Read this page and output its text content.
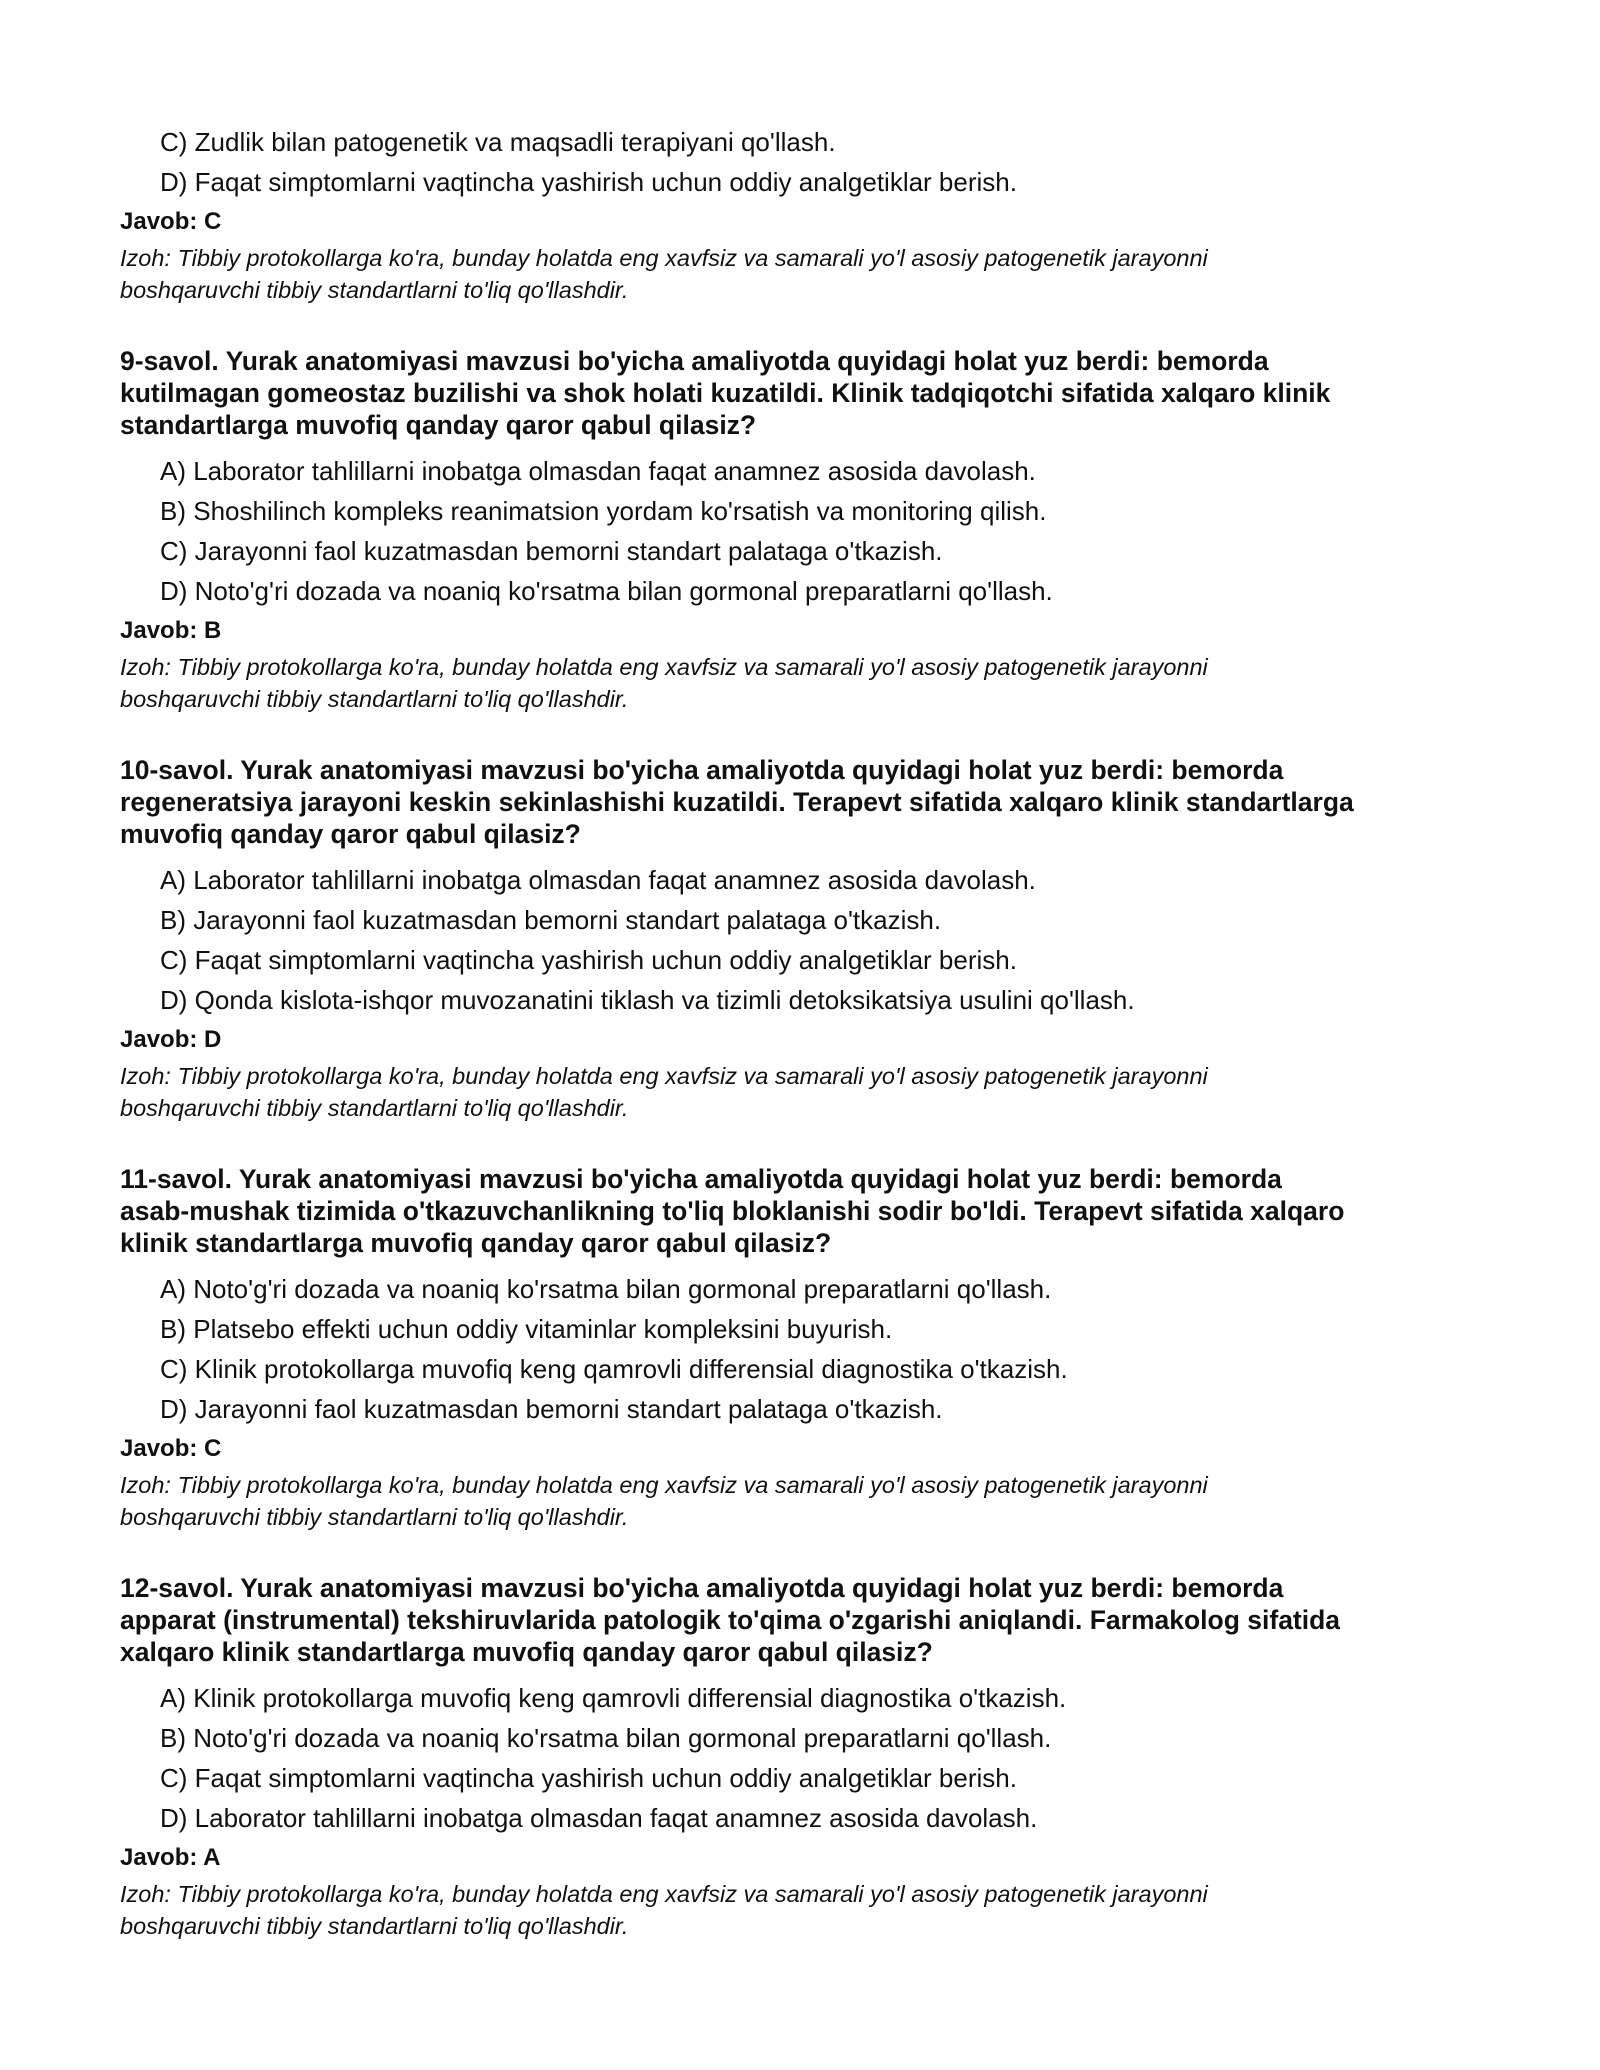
C) Zudlik bilan patogenetik va maqsadli terapiyani qo'llash.
D) Faqat simptomlarni vaqtincha yashirish uchun oddiy analgetiklar berish.
Javob: C
Izoh: Tibbiy protokollarga ko'ra, bunday holatda eng xavfsiz va samarali yo'l asosiy patogenetik jarayonni
boshqaruvchi tibbiy standartlarni to'liq qo'llashdir.
9-savol. Yurak anatomiyasi mavzusi bo'yicha amaliyotda quyidagi holat yuz berdi: bemorda
kutilmagan gomeostaz buzilishi va shok holati kuzatildi. Klinik tadqiqotchi sifatida xalqaro klinik
standartlarga muvofiq qanday qaror qabul qilasiz?
A) Laborator tahlillarni inobatga olmasdan faqat anamnez asosida davolash.
B) Shoshilinch kompleks reanimatsion yordam ko'rsatish va monitoring qilish.
C) Jarayonni faol kuzatmasdan bemorni standart palataga o'tkazish.
D) Noto'g'ri dozada va noaniq ko'rsatma bilan gormonal preparatlarni qo'llash.
Javob: B
Izoh: Tibbiy protokollarga ko'ra, bunday holatda eng xavfsiz va samarali yo'l asosiy patogenetik jarayonni
boshqaruvchi tibbiy standartlarni to'liq qo'llashdir.
10-savol. Yurak anatomiyasi mavzusi bo'yicha amaliyotda quyidagi holat yuz berdi: bemorda
regeneratsiya jarayoni keskin sekinlashishi kuzatildi. Terapevt sifatida xalqaro klinik standartlarga
muvofiq qanday qaror qabul qilasiz?
A) Laborator tahlillarni inobatga olmasdan faqat anamnez asosida davolash.
B) Jarayonni faol kuzatmasdan bemorni standart palataga o'tkazish.
C) Faqat simptomlarni vaqtincha yashirish uchun oddiy analgetiklar berish.
D) Qonda kislota-ishqor muvozanatini tiklash va tizimli detoksikatsiya usulini qo'llash.
Javob: D
Izoh: Tibbiy protokollarga ko'ra, bunday holatda eng xavfsiz va samarali yo'l asosiy patogenetik jarayonni
boshqaruvchi tibbiy standartlarni to'liq qo'llashdir.
11-savol. Yurak anatomiyasi mavzusi bo'yicha amaliyotda quyidagi holat yuz berdi: bemorda
asab-mushak tizimida o'tkazuvchanlikning to'liq bloklanishi sodir bo'ldi. Terapevt sifatida xalqaro
klinik standartlarga muvofiq qanday qaror qabul qilasiz?
A) Noto'g'ri dozada va noaniq ko'rsatma bilan gormonal preparatlarni qo'llash.
B) Platsebo effekti uchun oddiy vitaminlar kompleksini buyurish.
C) Klinik protokollarga muvofiq keng qamrovli differensial diagnostika o'tkazish.
D) Jarayonni faol kuzatmasdan bemorni standart palataga o'tkazish.
Javob: C
Izoh: Tibbiy protokollarga ko'ra, bunday holatda eng xavfsiz va samarali yo'l asosiy patogenetik jarayonni
boshqaruvchi tibbiy standartlarni to'liq qo'llashdir.
12-savol. Yurak anatomiyasi mavzusi bo'yicha amaliyotda quyidagi holat yuz berdi: bemorda
apparat (instrumental) tekshiruvlarida patologik to'qima o'zgarishi aniqlandi. Farmakolog sifatida
xalqaro klinik standartlarga muvofiq qanday qaror qabul qilasiz?
A) Klinik protokollarga muvofiq keng qamrovli differensial diagnostika o'tkazish.
B) Noto'g'ri dozada va noaniq ko'rsatma bilan gormonal preparatlarni qo'llash.
C) Faqat simptomlarni vaqtincha yashirish uchun oddiy analgetiklar berish.
D) Laborator tahlillarni inobatga olmasdan faqat anamnez asosida davolash.
Javob: A
Izoh: Tibbiy protokollarga ko'ra, bunday holatda eng xavfsiz va samarali yo'l asosiy patogenetik jarayonni
boshqaruvchi tibbiy standartlarni to'liq qo'llashdir.
